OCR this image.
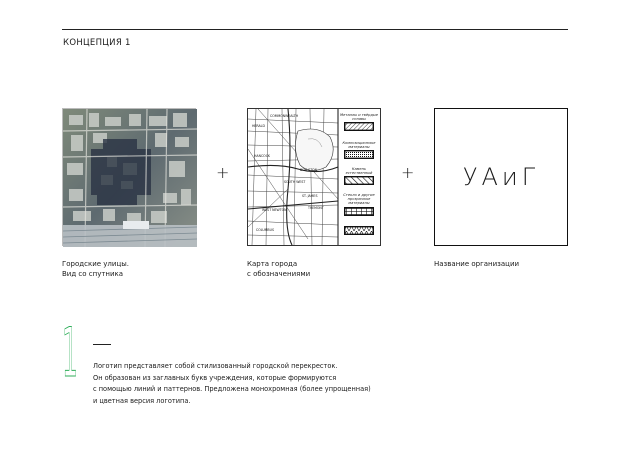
КОНЦЕПЦИЯ 1
+
HERALD
HANCOCK
SOUTH WEST
BOYLSTON
WEST NEWTON
ST. JAMES
TREMONT
COMMONWEALTH
COLUMBUS
Металлы и твёрдые сплавы
Композиционные материалы
Камень естественный
Стекло и другие прозрачные материалы
+	УАиГ
Городские улицы.
Вид со спутника
Карта города
с обозначениями
Название организации
1 Логотип представляет собой стилизованный городской перекресток.
Он образован из заглавных букв учреждения, которые формируются
с помощью линий и паттернов. Предложена монохромная (более упрощенная)
и цветная версия логотипа.
